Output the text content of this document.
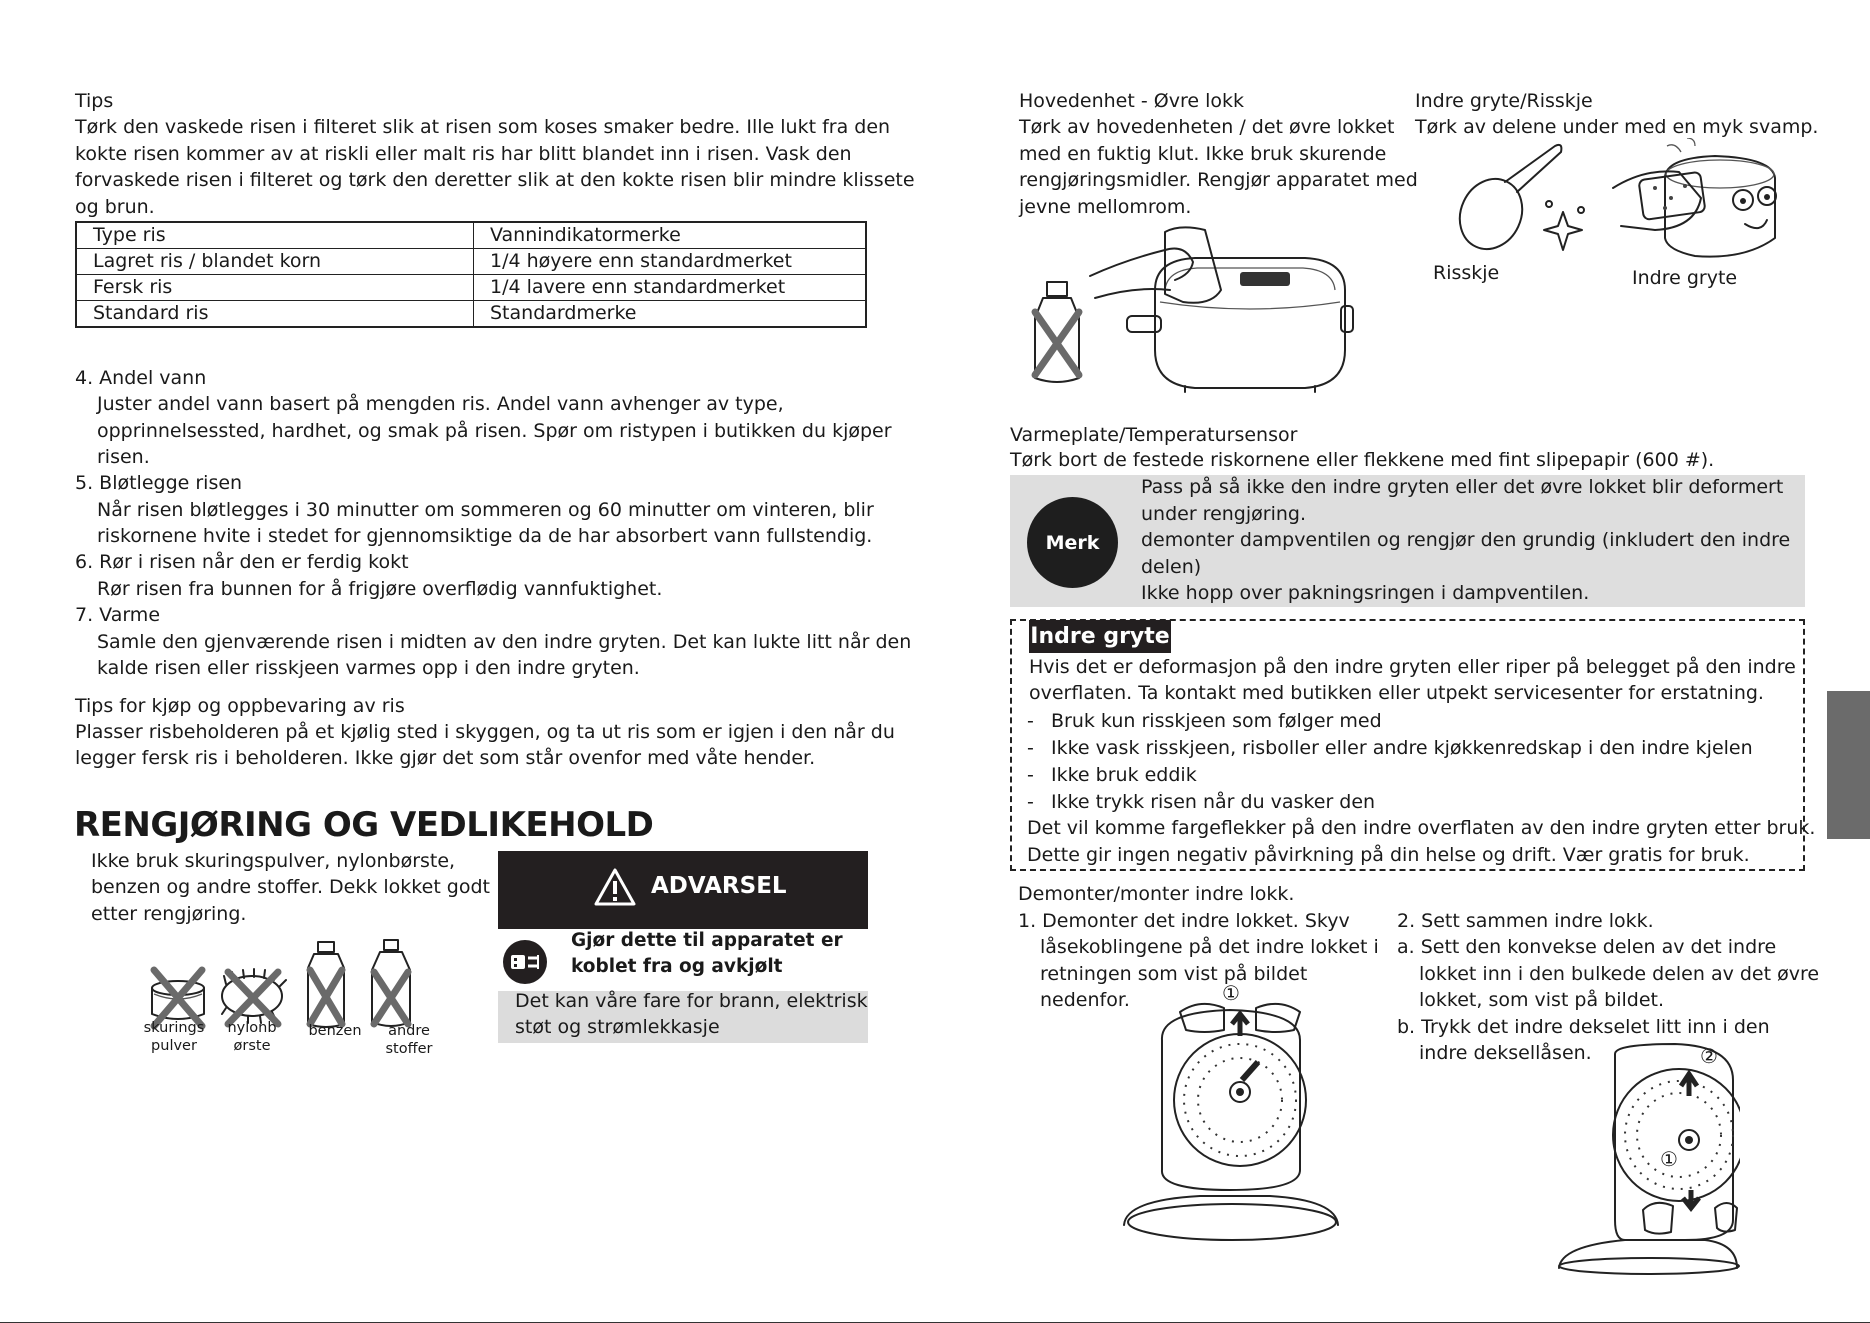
Tips
Tørk den vaskede risen i filteret slik at risen som koses smaker bedre. Ille lukt fra den
kokte risen kommer av at riskli eller malt ris har blitt blandet inn i risen. Vask den
forvaskede risen i filteret og tørk den deretter slik at den kokte risen blir mindre klissete
og brun.
Type ris	Vannindikatormerke
Lagret ris / blandet korn	1/4 høyere enn standardmerket
Fersk ris	1/4 lavere enn standardmerket
Standard ris	Standardmerke
4. Andel vann
Juster andel vann basert på mengden ris. Andel vann avhenger av type,
opprinnelsessted, hardhet, og smak på risen. Spør om ristypen i butikken du kjøper
risen.
5. Bløtlegge risen
Når risen bløtlegges i 30 minutter om sommeren og 60 minutter om vinteren, blir
riskornene hvite i stedet for gjennomsiktige da de har absorbert vann fullstendig.
6. Rør i risen når den er ferdig kokt
Rør risen fra bunnen for å frigjøre overflødig vannfuktighet.
7. Varme
Samle den gjenværende risen i midten av den indre gryten. Det kan lukte litt når den
kalde risen eller risskjeen varmes opp i den indre gryten.
Tips for kjøp og oppbevaring av ris
Plasser risbeholderen på et kjølig sted i skyggen, og ta ut ris som er igjen i den når du
legger fersk ris i beholderen. Ikke gjør det som står ovenfor med våte hender.
RENGJØRING OG VEDLIKEHOLD
Ikke bruk skuringspulver, nylonbørste,
benzen og andre stoffer. Dekk lokket godt
etter rengjøring.
skurings
pulver
nylonb
ørste
benzen	andre
stoffer
ADVARSEL
Gjør dette til apparatet er
koblet fra og avkjølt
Det kan våre fare for brann, elektrisk
støt og strømlekkasje
Hovedenhet - Øvre lokk
Tørk av hovedenheten / det øvre lokket
med en fuktig klut. Ikke bruk skurende
rengjøringsmidler. Rengjør apparatet med
jevne mellomrom.
Indre gryte/Risskje
Tørk av delene under med en myk svamp.
Risskje	Indre gryte
Varmeplate/Temperatursensor
Tørk bort de festede riskornene eller flekkene med fint slipepapir (600 #).
Merk
Pass på så ikke den indre gryten eller det øvre lokket blir deformert
under rengjøring.
demonter dampventilen og rengjør den grundig (inkludert den indre
delen)
Ikke hopp over pakningsringen i dampventilen.
Indre gryte
Hvis det er deformasjon på den indre gryten eller riper på belegget på den indre
overflaten. Ta kontakt med butikken eller utpekt servicesenter for erstatning.
- Bruk kun risskjeen som følger med
- Ikke vask risskjeen, risboller eller andre kjøkkenredskap i den indre kjelen
- Ikke bruk eddik
- Ikke trykk risen når du vasker den
Det vil komme fargeflekker på den indre overflaten av den indre gryten etter bruk.
Dette gir ingen negativ påvirkning på din helse og drift. Vær gratis for bruk.
Demonter/monter indre lokk.
1. Demonter det indre lokket. Skyv
låsekoblingene på det indre lokket i
retningen som vist på bildet
nedenfor.
2. Sett sammen indre lokk.
a. Sett den konvekse delen av det indre
lokket inn i den bulkede delen av det øvre
lokket, som vist på bildet.
b. Trykk det indre dekselet litt inn i den
indre deksellåsen.
①
②
①
